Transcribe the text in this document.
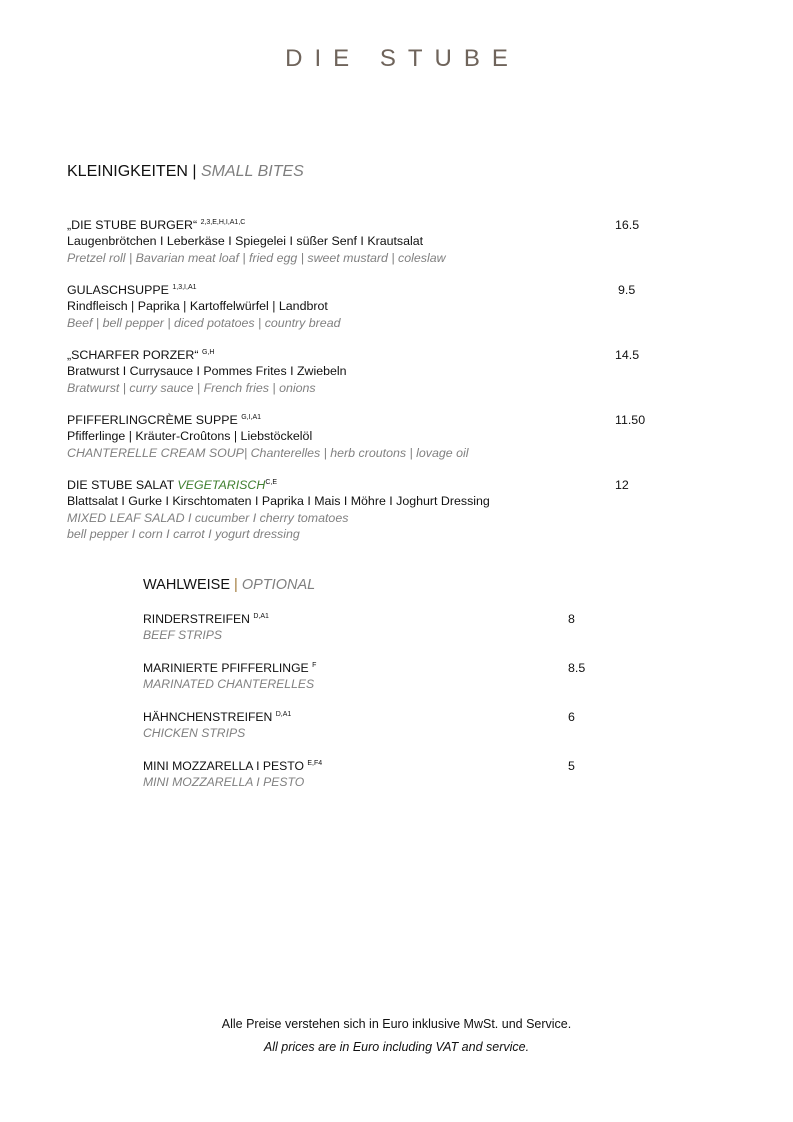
DIE STUBE
KLEINIGKEITEN | SMALL BITES
„DIE STUBE BURGER“ $^{2,3,E,H,I,A1,C}$
Laugenbrötchen I Leberkäse I Spiegelei I süßer Senf I Krautsalat
Pretzel roll | Bavarian meat loaf | fried egg | sweet mustard | coleslaw
16.5
GULASCHSUPPE $^{1,3,I,A1}$
Rindfleisch | Paprika | Kartoffelwürfel | Landbrot
Beef | bell pepper | diced potatoes | country bread
9.5
„SCHARFER PORZER“ $^{G,H}$
Bratwurst I Currysauce I Pommes Frites I Zwiebeln
Bratwurst | curry sauce | French fries | onions
14.5
PFIFFERLINGCRÈME SUPPE $^{G,I,A1}$
Pfifferlinge | Kräuter-Croûtons | Liebstöckelöl
CHANTERELLE CREAM SOUP| Chanterelles | herb croutons | lovage oil
11.50
DIE STUBE SALAT $VEGETARISCH^{C,E}$
Blattsalat I Gurke I Kirschtomaten I Paprika I Mais I Möhre I Joghurt Dressing
MIXED LEAF SALAD I cucumber I cherry tomatoes
bell pepper I corn I carrot I yogurt dressing
12
WAHLWEISE | OPTIONAL
RINDERSTREIFEN $^{D,A1}$
BEEF STRIPS
8
MARINIERTE PFIFFERLINGE $^F$
MARINATED CHANTERELLES
8.5
HÄHNCHENSTREIFEN $^{D,A1}$
CHICKEN STRIPS
6
MINI MOZZARELLA I PESTO $^{E,F4}$
MINI MOZZARELLA I PESTO
5
Alle Preise verstehen sich in Euro inklusive MwSt. und Service.
All prices are in Euro including VAT and service.
